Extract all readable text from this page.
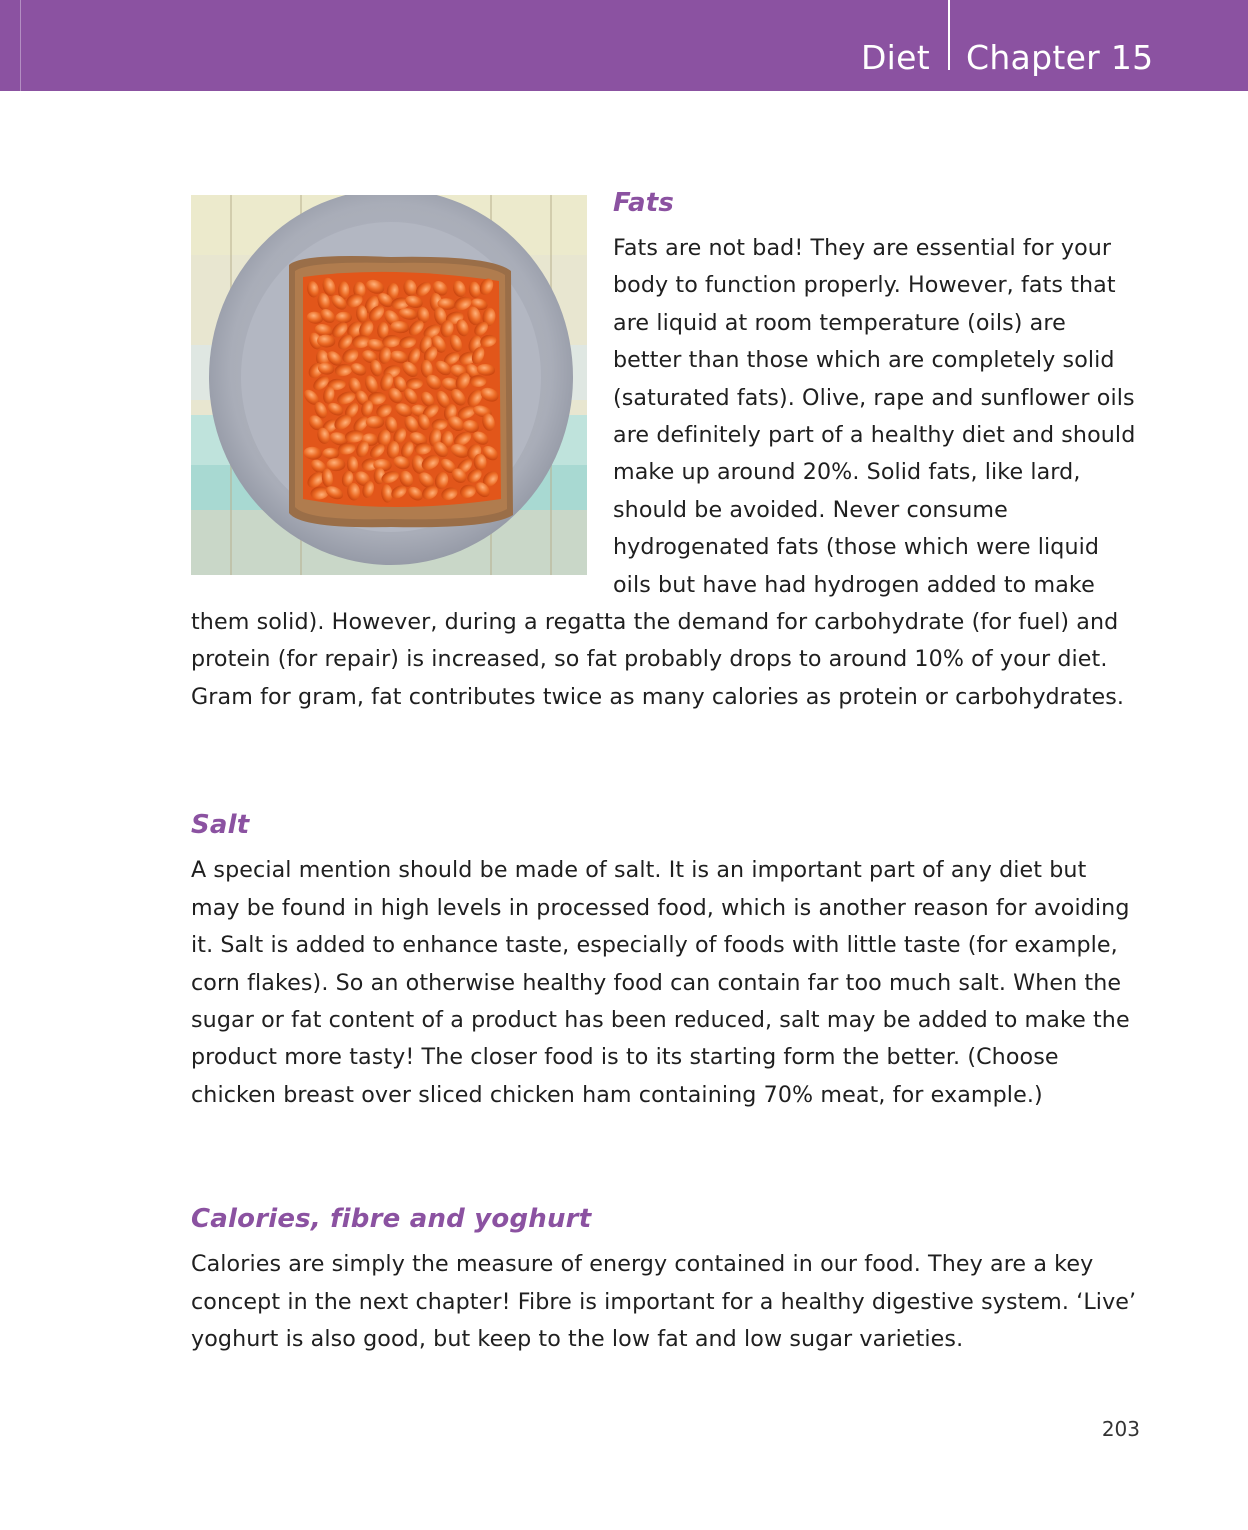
Diet Chapter 15
Fats

Fats are not bad! They are essential for your body to function properly. However, fats that are liquid at room temperature (oils) are better than those which are completely solid (saturated fats). Olive, rape and sunflower oils are definitely part of a healthy diet and should make up around 20%. Solid fats, like lard, should be avoided. Never consume hydrogenated fats (those which were liquid oils but have had hydrogen added to make them solid). However, during a regatta the demand for carbohydrate (for fuel) and protein (for repair) is increased, so fat probably drops to around 10% of your diet. Gram for gram, fat contributes twice as many calories as protein or carbohydrates.

Salt

A special mention should be made of salt. It is an important part of any diet but may be found in high levels in processed food, which is another reason for avoiding it. Salt is added to enhance taste, especially of foods with little taste (for example, corn flakes). So an otherwise healthy food can contain far too much salt. When the sugar or fat content of a product has been reduced, salt may be added to make the product more tasty! The closer food is to its starting form the better. (Choose chicken breast over sliced chicken ham containing 70% meat, for example.)

Calories, fibre and yoghurt

Calories are simply the measure of energy contained in our food. They are a key concept in the next chapter! Fibre is important for a healthy digestive system. ‘Live’ yoghurt is also good, but keep to the low fat and low sugar varieties.

203
